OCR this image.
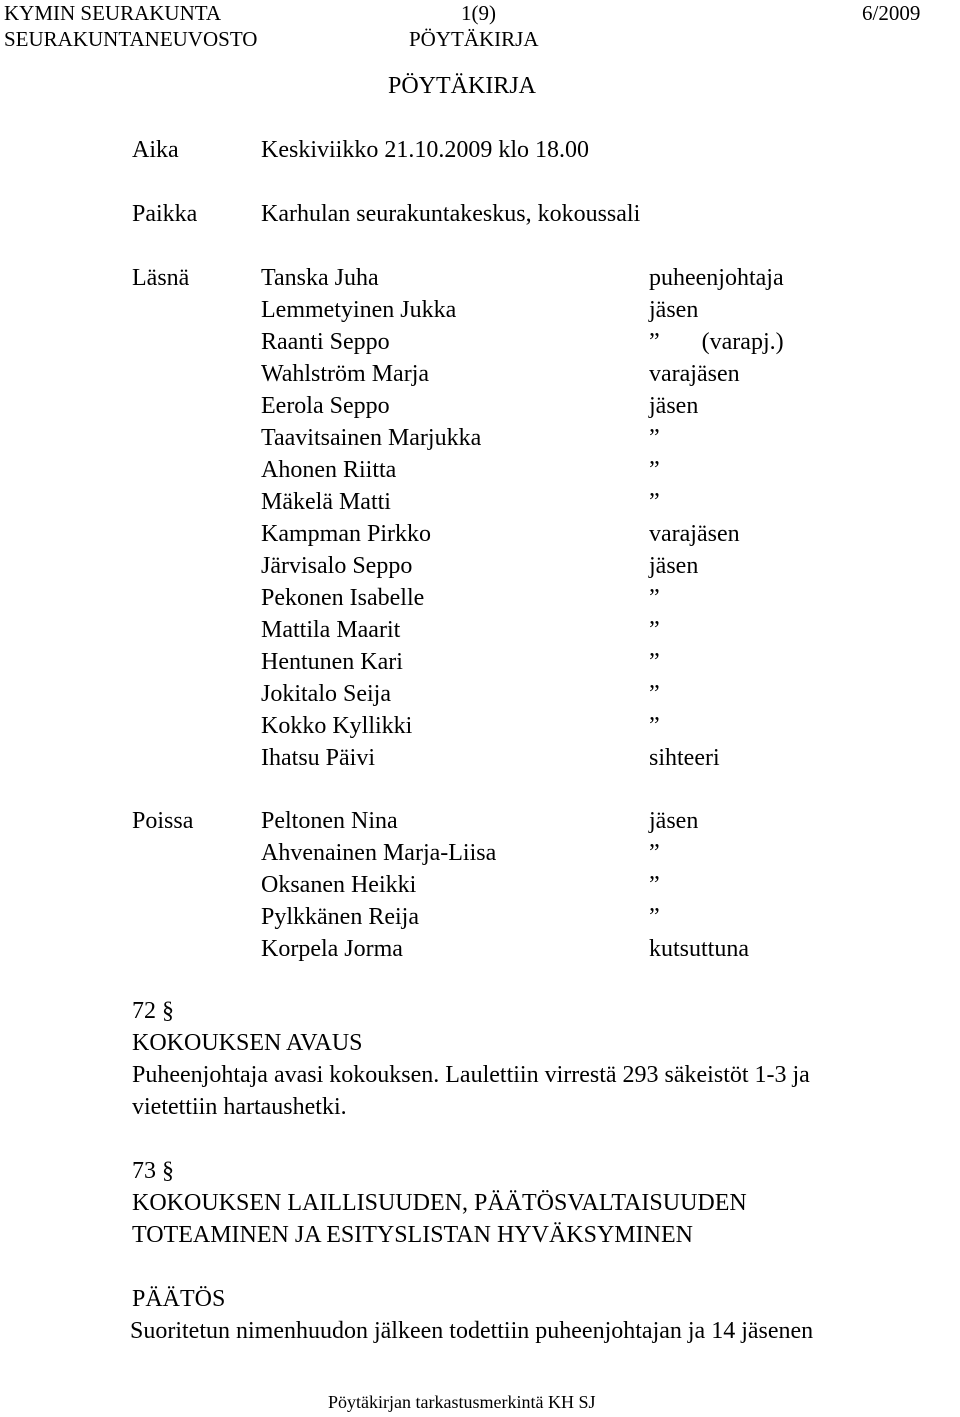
KYMIN SEURAKUNTA	1(9)	6/2009
SEURAKUNTANEUVOSTO	PÖYTÄKIRJA
PÖYTÄKIRJA
Aika	Keskiviikko 21.10.2009 klo 18.00
Paikka	Karhulan seurakuntakeskus, kokoussali
Läsnä	Tanska Juha	puheenjohtaja
Lemmetyinen Jukka	jäsen
Raanti Seppo	”       (varapj.)
Wahlström Marja	varajäsen
Eerola Seppo	jäsen
Taavitsainen Marjukka	”
Ahonen Riitta	”
Mäkelä Matti	”
Kampman Pirkko	varajäsen
Järvisalo Seppo	jäsen
Pekonen Isabelle	”
Mattila Maarit	”
Hentunen Kari	”
Jokitalo Seija	”
Kokko Kyllikki	”
Ihatsu Päivi	sihteeri
Poissa	Peltonen Nina	jäsen
Ahvenainen Marja-Liisa	”
Oksanen Heikki	”
Pylkkänen Reija	”
Korpela Jorma	kutsuttuna
72 §
KOKOUKSEN AVAUS
Puheenjohtaja avasi kokouksen. Laulettiin virrestä 293 säkeistöt 1-3 ja
vietettiin hartaushetki.
73 §
KOKOUKSEN LAILLISUUDEN, PÄÄTÖSVALTAISUUDEN
TOTEAMINEN JA ESITYSLISTAN HYVÄKSYMINEN
PÄÄTÖS
Suoritetun nimenhuudon jälkeen todettiin puheenjohtajan ja 14 jäsenen
Pöytäkirjan tarkastusmerkintä KH SJ
